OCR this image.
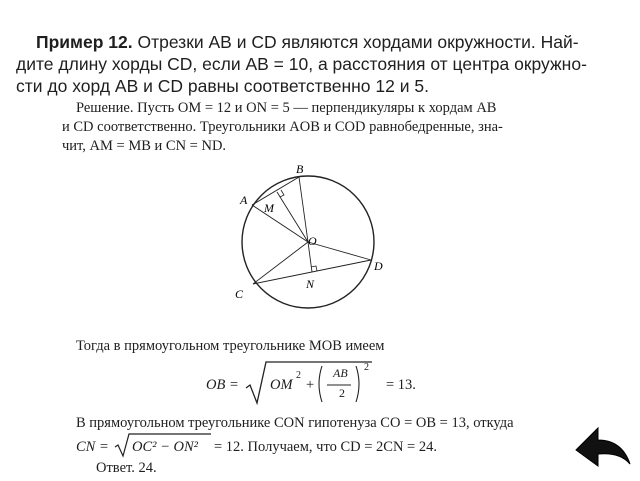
Пример 12. Отрезки AB и CD являются хордами окружности. Най-
дите длину хорды CD, если AB = 10, а расстояния от центра окружно-
сти до хорд AB и CD равны соответственно 12 и 5.
Решение. Пусть OM = 12 и ON = 5 — перпендикуляры к хордам AB
и CD соответственно. Треугольники AOB и COD равнобедренные, зна-
чит, AM = MB и CN = ND.
A
B
M
O
D
C
N
Тогда в прямоугольном треугольнике MOB имеем
OB = OM
2
+
AB
2
2
= 13.
В прямоугольном треугольнике CON гипотенуза CO = OB = 13, откуда
CN = OC² − ON² = 12. Получаем, что CD = 2CN = 24.
Ответ. 24.
